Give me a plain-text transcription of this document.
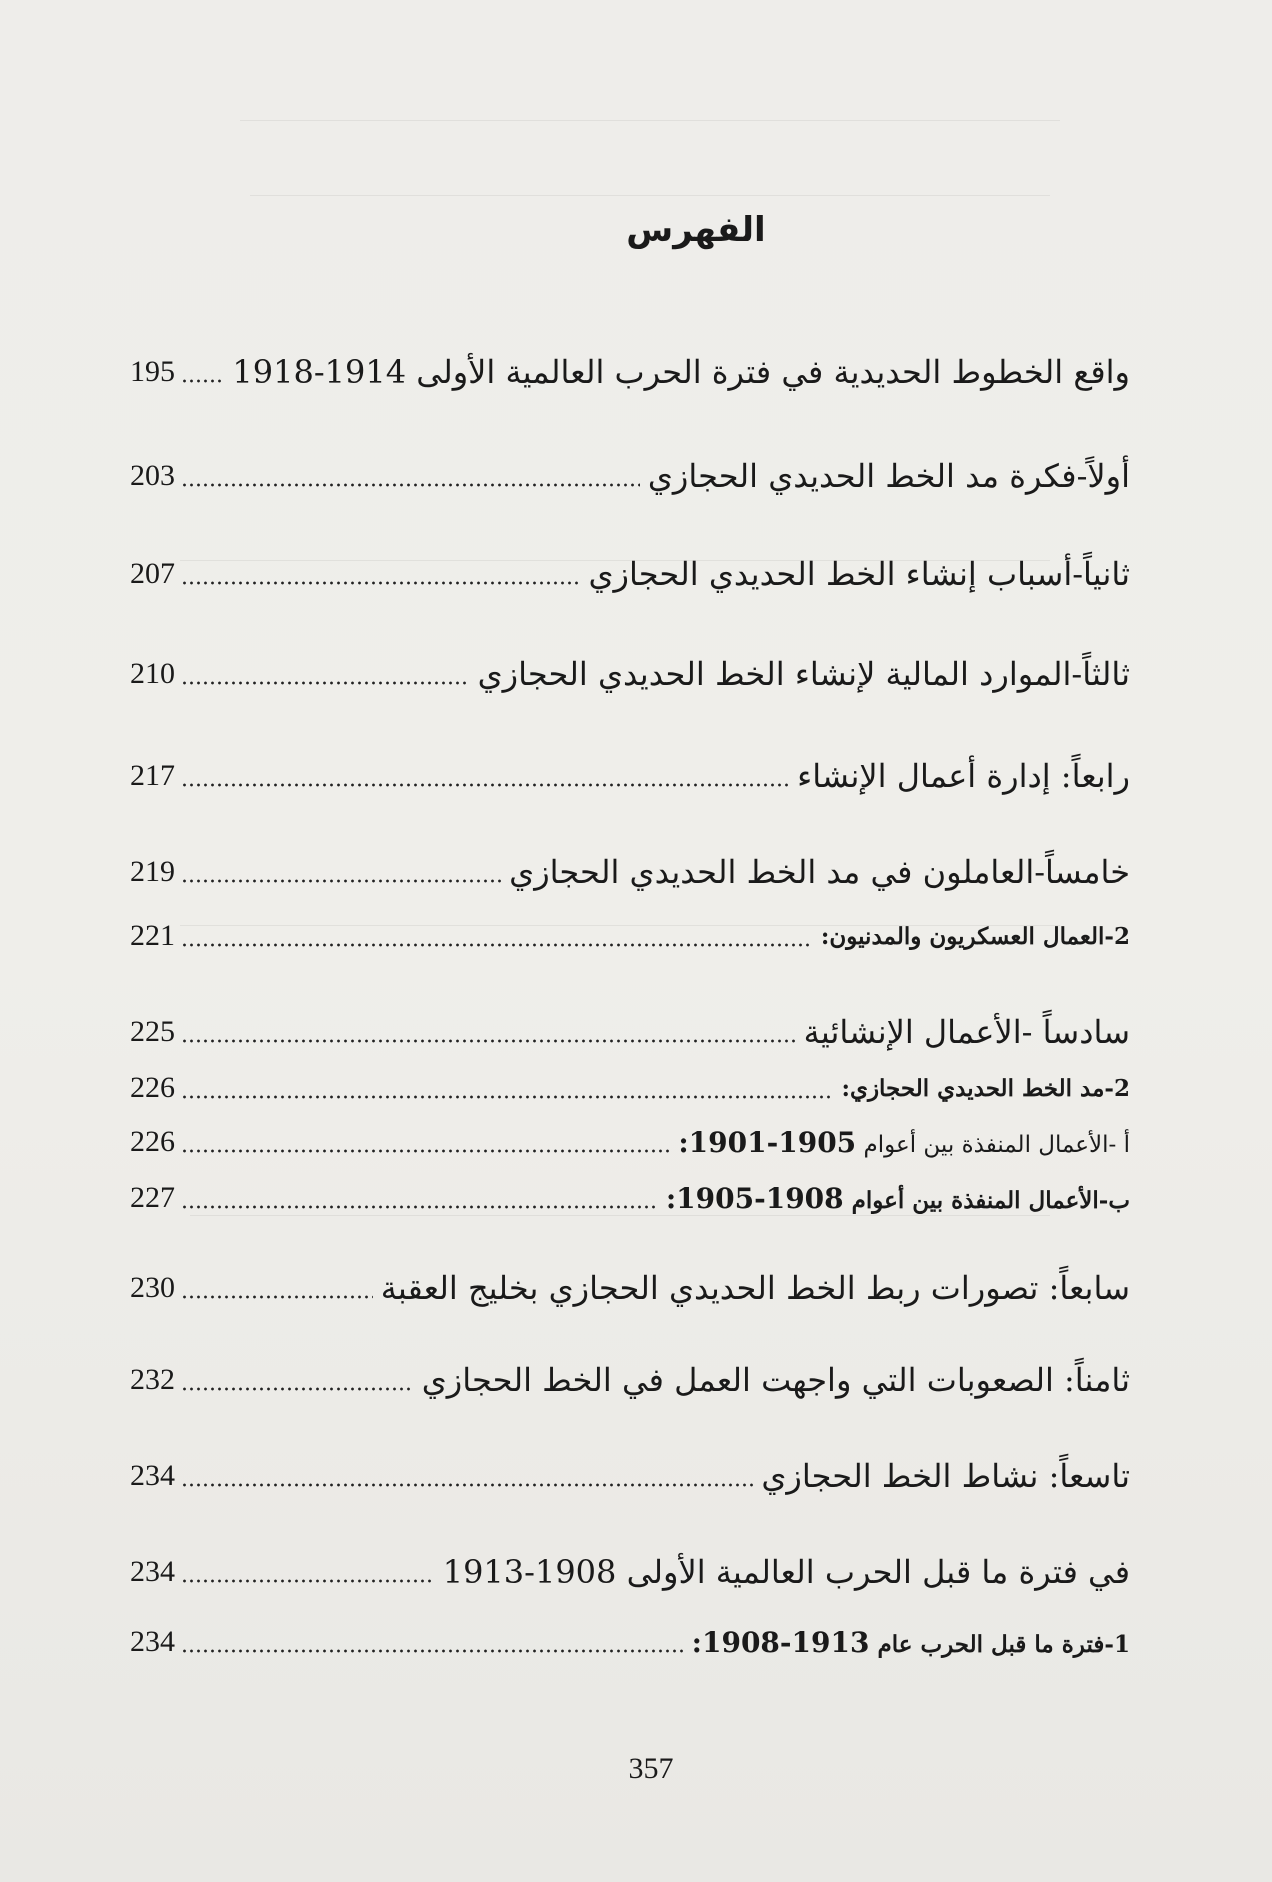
الفهرس
واقع الخطوط الحديدية في فترة الحرب العالمية الأولى 1914-1918
195
أولاً-فكرة مد الخط الحديدي الحجازي
203
ثانياً-أسباب إنشاء الخط الحديدي الحجازي
207
ثالثاً-الموارد المالية لإنشاء الخط الحديدي الحجازي
210
رابعاً: إدارة أعمال الإنشاء
217
خامساً-العاملون في مد الخط الحديدي الحجازي
219
2-العمال العسكريون والمدنيون:
221
سادساً -الأعمال الإنشائية
225
2-مد الخط الحديدي الحجازي:
226
أ -الأعمال المنفذة بين أعوام 1901-1905:
226
ب-الأعمال المنفذة بين أعوام 1905-1908:
227
سابعاً: تصورات ربط الخط الحديدي الحجازي بخليج العقبة
230
ثامناً: الصعوبات التي واجهت العمل في الخط الحجازي
232
تاسعاً: نشاط الخط الحجازي
234
في فترة ما قبل الحرب العالمية الأولى 1908-1913
234
1-فترة ما قبل الحرب عام 1908-1913:
234
357
